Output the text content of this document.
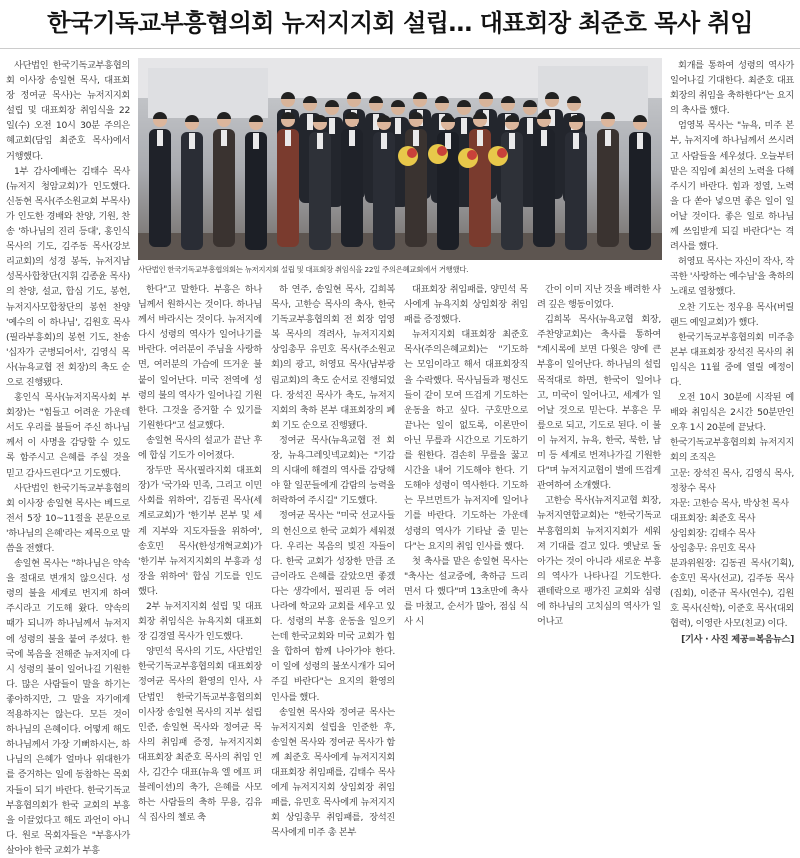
한국기독교부흥협의회 뉴저지지회 설립… 대표회장 최준호 목사 취임

사단법인 한국기독교부흥협의회 이사장 송일현 목사, 대표회장 정여균 목사)는 뉴저지지회 설립 및 대표회장 취임식을 22일(수) 오전 10시 30분 주의은혜교회(담임 최준호 목사)에서 거행했다.

1부 감사예배는 김태수 목사(뉴저지 청암교회)가 인도했다. 신동현 목사(주소원교회 부목사)가 인도한 경배와 찬양, 기원, 찬송 '하나님의 진리 등대', 홍인식 목사의 기도, 김주동 목사(강보리교회)의 성경 봉독, 뉴저지남성목사합창단(지휘 김종윤 목사)의 찬양, 설교, 합심 기도, 봉헌, 뉴저지사모합창단의 봉헌 찬양 '예수의 이 하나님', 김원호 목사(필라부흥회)의 봉헌 기도, 찬송 '십자가 군병되어서', 김영식 목사(뉴욕교협 전 회장)의 축도 순으로 진행됐다.

홍인식 목사(뉴저지목사회 부회장)는 "힘들고 어려운 가운데서도 우리를 불들어 주신 하나님께서 이 사명을 감당할 수 있도록 함주시고 은혜를 주실 것을 믿고 감사드린다"고 기도했다.

사단법인 한국기독교부흥협의회 이사장 송일현 목사는 베드로전서 5장 10~11절을 본문으로 '하나님의 은혜'라는 제목으로 말씀을 전했다.

송일현 목사는 "하나님은 약속을 절대로 변개치 않으신다. 성령의 불을 세계로 번지게 하여 주시라고 기도해 왔다. 약속의 때가 되니까 하나님께서 뉴저지에 성령의 불을 붙여 주셨다. 한국에 복음을 전해준 뉴저지에 다시 성령의 불이 일어나길 기원한다. 많은 사람들이 말을 하기는 좋아하지만, 그 말을 자기에게 적용하지는 않는다. 모든 것이 하나님의 은혜이다. 어떻게 해도 하나님께서 가장 기뻐하시는, 하나님의 은혜가 얼마나 위대한가를 증거하는 일에 동참하는 목회자들이 되기 바란다. 한국기독교부흥협의회가 한국 교회의 부흥을 이끌었다고 해도 과언이 아니다. 원로 목회자들은 "부흥사가 살아야 한국 교회가 부흥

사단법인 한국기독교부흥협의회는 뉴저지지회 설립 및 대표회장 취임식을 22일 주의은혜교회에서 거행했다.

한다"고 말한다. 부흥은 하나님께서 원하시는 것이다. 하나님께서 바라시는 것이다. 뉴저지에 다시 성령의 역사가 일어나기를 바란다. 여러분이 주님을 사랑하면, 여러분의 가슴에 뜨거운 불붙이 일어난다. 미국 전역에 성령의 불의 역사가 일어나길 기원한다. 그것을 증거할 수 있기를 기원한다"고 설교했다.

송일현 목사의 설교가 끝난 후에 합심 기도가 이어졌다.

장두만 목사(필라지회 대표회장)가 '국가와 민족, 그리고 이민 사회를 위하여', 김동권 목사(세계로교회)가 '한기부 본부 및 세계 지부와 지도자들을 위하여', 송호민 목사(한성개혁교회)가 '한기부 뉴저지지회의 부흥과 성장을 위하여' 합심 기도를 인도했다.

2부 뉴저지지회 설립 및 대표회장 취임식은 뉴욕지회 대표회장 김경열 목사가 인도했다.

양민석 목사의 기도, 사단법인 한국기독교부흥협의회 대표회장 정여균 목사의 환영의 인사, 사단법인 한국기독교부흥협의회 이사장 송일현 목사의 지부 설립 인준, 송일현 목사와 정여균 목사의 취임패 증정, 뉴저지지회 대표회장 최준호 목사의 취임 인사, 김간수 대표(뉴욕 엘 에프 퍼블레이션)의 축가, 은혜를 사모하는 사람들의 축하 무용, 김유식 집사의 첼로 축

하 연주, 송일현 목사, 김희복 목사, 고한승 목사의 축사, 한국기독교부흥협의회 전 회장 엄영복 목사의 격려사, 뉴저지지회 상임총무 유민호 목사(주소원교회)의 광고, 허영묘 목사(남부광림교회)의 축도 순서로 진행되었다. 장석진 목사가 축도, 뉴저지지회의 축하 본부 대표회장의 폐회 기도 순으로 진행됐다.

정여균 목사(뉴욕교협 전 회장, 뉴욕그레잇넥교회)는 "기감의 시대에 해결의 역사를 감당해야 할 일꾼들에게 감람의 능력을 허락하여 주시길" 기도했다.

정여균 목사는 "미국 선교사들의 헌신으로 한국 교회가 세워졌다. 우리는 복음의 빚진 자들이다. 한국 교회가 성장한 만큼 조금이라도 은혜를 갚았으면 좋겠다는 생각에서, 필리핀 등 여러 나라에 학교와 교회를 세우고 있다. 성령의 부흥 운동을 일으키는데 한국교회와 미국 교회가 힘을 합하여 함께 나아가야 한다. 이 일에 성령의 불쏘시개가 되어 주길 바란다"는 요지의 환영의 인사를 했다.

송일현 목사와 정여균 목사는 뉴저지지회 설립을 인준한 후, 송일현 목사와 정여균 목사가 함께 최준호 목사에게 뉴저지지회 대표회장 취임패를, 김태수 목사에게 뉴저지지회 상임회장 취임패를, 유민호 목사에게 뉴저지지회 상임총무 취임패를, 장석진 목사에게 미주 총 본부

대표회장 취임패를, 양민석 목사에게 뉴욕지회 상임회장 취임패를 증정했다.

뉴저지지회 대표회장 최준호 목사(주의은혜교회)는 "기도하는 모임이라고 해서 대표회장직을 수락했다. 목사님들과 평신도들이 같이 모여 뜨겁게 기도하는 운동을 하고 싶다. 구호만으로 끝나는 일이 없도록, 이론만이 아닌 무릎과 시간으로 기도하기를 원한다. 겸손히 무릎을 꿇고 시간을 내어 기도해야 한다. 기도해야 성령이 역사한다. 기도하는 무브먼트가 뉴저지에 일어나기를 바란다. 기도하는 가운데 성령의 역사가 기타날 줄 믿는다"는 요지의 취임 인사를 했다.

첫 축사를 맡은 송일현 목사는 "축사는 설교중에, 축하금 드리면서 다 했다"며 13초만에 축사를 마쳤고, 순서가 많아, 점심 식사 시

간이 이미 지난 것을 배려한 사려 깊은 행동이었다.

김희복 목사(뉴욕교협 회장, 주찬양교회)는 축사를 통하여 "계시록에 보면 다윗은 양에 큰 부흥이 일어난다. 하나님의 설립 목적대로 하면, 한국이 일어나고, 미국이 일어나고, 세계가 일어날 것으로 믿는다. 부흥은 무릎으로 되고, 기도로 된다. 이 불이 뉴저지, 뉴욕, 한국, 북한, 남미 등 세계로 번져나가길 기원한다"며 뉴저지교협이 별에 뜨겁게 관여하여 소개했다.

고한승 목사(뉴저지교협 회장, 뉴저지연합교회)는 "한국기독교부흥협의회 뉴저지지회가 세워져 기대를 걸고 있다. 옛날로 돌아가는 것이 아니라 새로운 부흥의 역사가 나타나길 기도한다. 괜테락으로 팽가진 교회와 심령에 하나님의 고치심의 역사가 일어나고

회개를 통하여 성령의 역사가 일어나길 기대한다. 최준호 대표회장의 취임을 축하한다"는 요지의 축사를 했다.

엄영복 목사는 "뉴욕, 미주 본부, 뉴저지에 하나님께서 쓰시려고 사람들을 세우셨다. 오늘부터 맡은 직임에 최선의 노력을 다해 주시기 바란다. 힘과 정열, 노력을 다 쏟아 넣으면 좋은 일이 일어날 것이다. 좋은 일로 하나님께 쓰임받게 되길 바란다"는 격려사를 했다.

허영묘 목사는 자신이 작사, 작곡한 '사랑하는 예수님'을 축하의 노래로 열창했다.

오찬 기도는 정우용 목사(버릴랜드 예일교회)가 했다.

한국기독교부흥협의회 미주총 본부 대표회장 장석진 목사의 취임식은 11월 중에 열릴 예정이다.

오전 10시 30분에 시작된 예배와 취임식은 2시간 50분만인 오후 1시 20분에 끝났다.

한국기독교부흥협의회 뉴저지지회의 조직은

고문: 장석진 목사, 김영식 목사, 정창수 목사

자문: 고한승 목사, 박상천 목사

대표회장: 최준호 목사

상임회장: 김태수 목사

상임총무: 유민호 목사

분과위원장: 김동권 목사(기획), 송호민 목사(선교), 김주동 목사(집회), 이준규 목사(연수), 김원호 목사(신학), 이준호 목사(대외협력), 이영란 사모(친교) 이다.

[기사 · 사진 제공=복음뉴스]
